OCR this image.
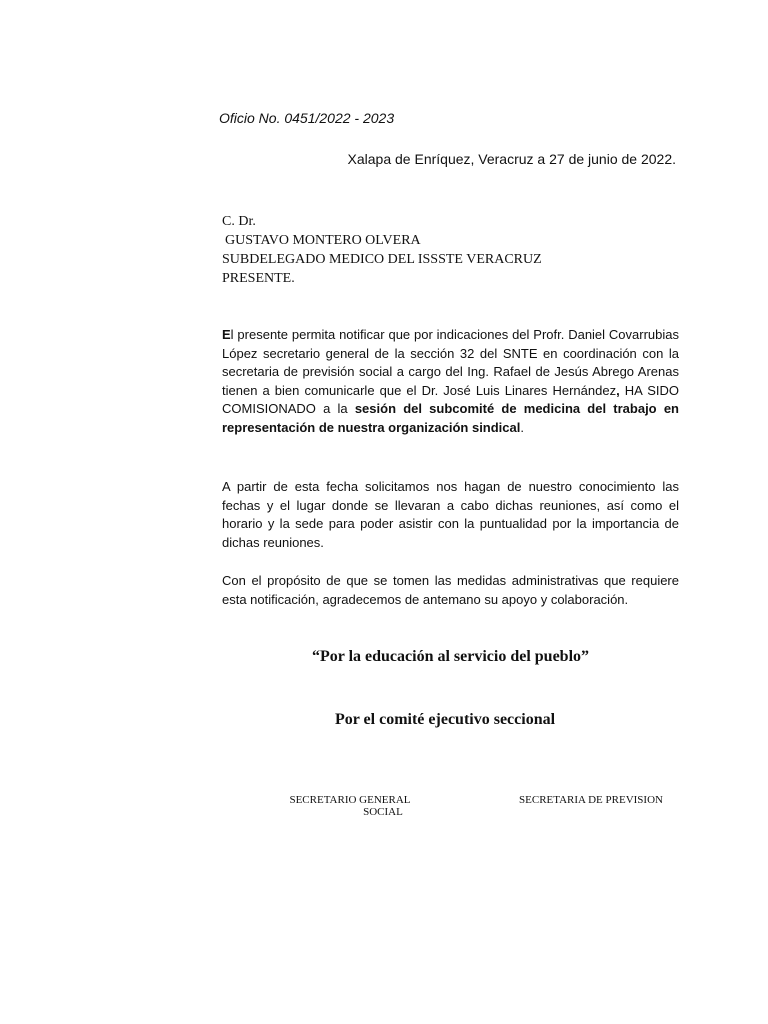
Oficio No. 0451/2022 - 2023
Xalapa de Enríquez, Veracruz a 27 de junio de 2022.
C. Dr.
GUSTAVO MONTERO OLVERA
SUBDELEGADO MEDICO DEL ISSSTE VERACRUZ
PRESENTE.

El presente permita notificar que por indicaciones del Profr. Daniel Covarrubias López secretario general de la sección 32 del SNTE en coordinación con la secretaria de previsión social a cargo del Ing. Rafael de Jesús Abrego Arenas tienen a bien comunicarle que el Dr. José Luis Linares Hernández, HA SIDO COMISIONADO a la sesión del subcomité de medicina del trabajo en representación de nuestra organización sindical.

A partir de esta fecha solicitamos nos hagan de nuestro conocimiento las fechas y el lugar donde se llevaran a cabo dichas reuniones, así como el horario y la sede para poder asistir con la puntualidad por la importancia de dichas reuniones.

Con el propósito de que se tomen las medidas administrativas que requiere esta notificación, agradecemos de antemano su apoyo y colaboración.

“Por la educación al servicio del pueblo”
Por el comité ejecutivo seccional
SECRETARIO GENERAL
SOCIAL
SECRETARIA DE PREVISION
